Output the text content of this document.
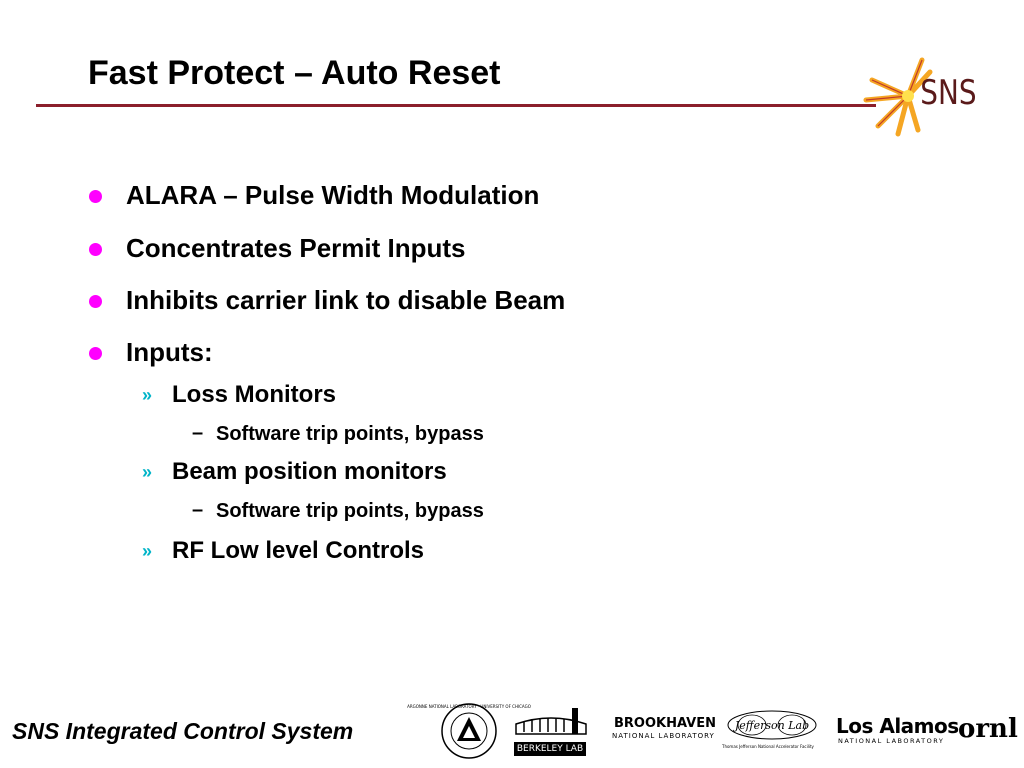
Fast Protect – Auto Reset
SNS
ALARA – Pulse Width Modulation
Concentrates Permit Inputs
Inhibits carrier link to disable Beam
Inputs:
» Loss Monitors
– Software trip points, bypass
» Beam position monitors
– Software trip points, bypass
» RF Low level Controls
SNS Integrated Control System
ARGONNE NATIONAL LABORATORY · UNIVERSITY OF CHICAGO
BERKELEY LAB
BROOKHAVEN
NATIONAL LABORATORY
Jefferson Lab
Thomas Jefferson National Accelerator Facility
Los Alamos
NATIONAL LABORATORY ornl
